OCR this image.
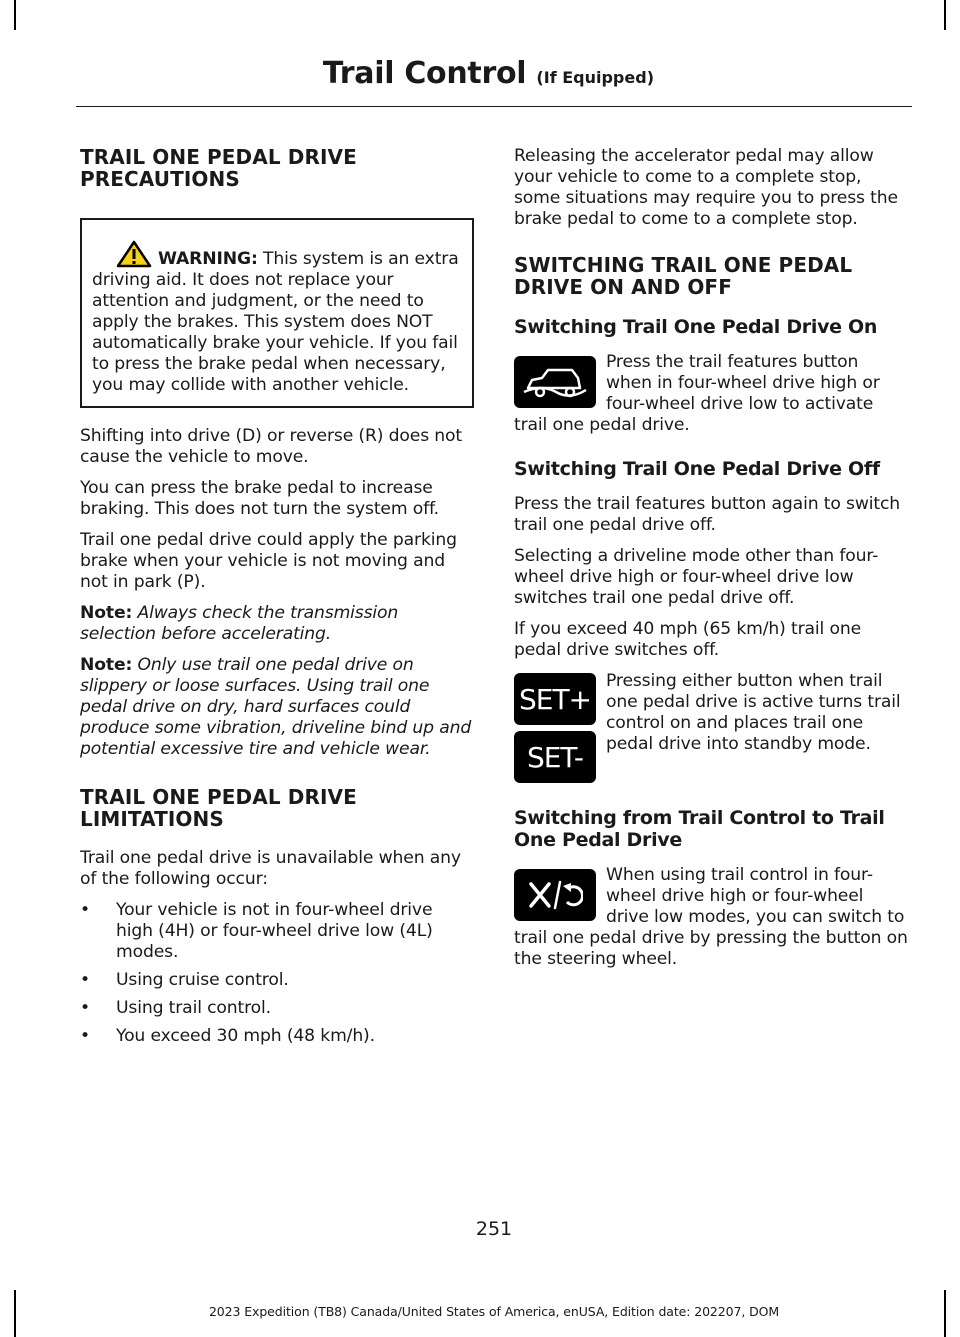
Trail Control (If Equipped)
TRAIL ONE PEDAL DRIVE PRECAUTIONS
WARNING: This system is an extra driving aid. It does not replace your attention and judgment, or the need to apply the brakes. This system does NOT automatically brake your vehicle. If you fail to press the brake pedal when necessary, you may collide with another vehicle.

Shifting into drive (D) or reverse (R) does not cause the vehicle to move.

You can press the brake pedal to increase braking. This does not turn the system off.

Trail one pedal drive could apply the parking brake when your vehicle is not moving and not in park (P).

Note: Always check the transmission selection before accelerating.

Note: Only use trail one pedal drive on slippery or loose surfaces. Using trail one pedal drive on dry, hard surfaces could produce some vibration, driveline bind up and potential excessive tire and vehicle wear.

TRAIL ONE PEDAL DRIVE LIMITATIONS

Trail one pedal drive is unavailable when any of the following occur:

• Your vehicle is not in four-wheel drive high (4H) or four-wheel drive low (4L) modes.
• Using cruise control.
• Using trail control.
• You exceed 30 mph (48 km/h).

Releasing the accelerator pedal may allow your vehicle to come to a complete stop, some situations may require you to press the brake pedal to come to a complete stop.

SWITCHING TRAIL ONE PEDAL DRIVE ON AND OFF
Switching Trail One Pedal Drive On
Press the trail features button when in four-wheel drive high or four-wheel drive low to activate trail one pedal drive.
Switching Trail One Pedal Drive Off

Press the trail features button again to switch trail one pedal drive off.

Selecting a driveline mode other than four-wheel drive high or four-wheel drive low switches trail one pedal drive off.

If you exceed 40 mph (65 km/h) trail one pedal drive switches off.

SET+
SET-
Pressing either button when trail one pedal drive is active turns trail control on and places trail one pedal drive into standby mode.
Switching from Trail Control to Trail One Pedal Drive
When using trail control in four-wheel drive high or four-wheel drive low modes, you can switch to trail one pedal drive by pressing the button on the steering wheel.
251
2023 Expedition (TB8) Canada/United States of America, enUSA, Edition date: 202207, DOM
